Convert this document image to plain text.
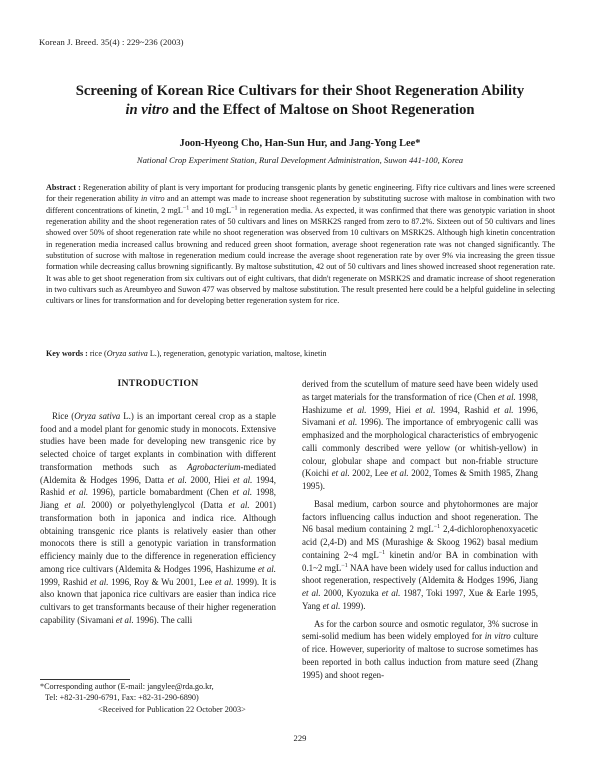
Korean J. Breed. 35(4) : 229~236 (2003)
Screening of Korean Rice Cultivars for their Shoot Regeneration Ability
in vitro and the Effect of Maltose on Shoot Regeneration
Joon-Hyeong Cho, Han-Sun Hur, and Jang-Yong Lee*
National Crop Experiment Station, Rural Development Administration, Suwon 441-100, Korea

Abstract : Regeneration ability of plant is very important for producing transgenic plants by genetic engineering. Fifty rice cultivars and lines were screened for their regeneration ability in vitro and an attempt was made to increase shoot regeneration by substituting sucrose with maltose in combination with two different concentrations of kinetin, 2 mgL$^{-1}$ and 10 mgL$^{-1}$ in regeneration media. As expected, it was confirmed that there was genotypic variation in shoot regeneration ability and the shoot regeneration rates of 50 cultivars and lines on MSRK2S ranged from zero to 87.2%. Sixteen out of 50 cultivars and lines showed over 50% of shoot regeneration rate while no shoot regeneration was observed from 10 cultivars on MSRK2S. Although high kinetin concentration in regeneration media increased callus browning and reduced green shoot formation, average shoot regeneration rate was not changed significantly. The substitution of sucrose with maltose in regeneration medium could increase the average shoot regeneration rate by over 9% via increasing the green tissue formation while decreasing callus browning significantly. By maltose substitution, 42 out of 50 cultivars and lines showed increased shoot regeneration rate. It was able to get shoot regeneration from six cultivars out of eight cultivars, that didn't regenerate on MSRK2S and dramatic increase of shoot regeneration in two cultivars such as Areumbyeo and Suwon 477 was observed by maltose substitution. The result presented here could be a helpful guideline in selecting cultivars or lines for transformation and for developing better regeneration system for rice.

Key words : rice (Oryza sativa L.), regeneration, genotypic variation, maltose, kinetin

INTRODUCTION

Rice (Oryza sativa L.) is an important cereal crop as a staple food and a model plant for genomic study in monocots. Extensive studies have been made for developing new transgenic rice by selected choice of target explants in combination with different transformation methods such as Agrobacterium-mediated (Aldemita & Hodges 1996, Datta et al. 2000, Hiei et al. 1994, Rashid et al. 1996), particle bomabardment (Chen et al. 1998, Jiang et al. 2000) or polyethylenglycol (Datta et al. 2001) transformation both in japonica and indica rice. Although obtaining transgenic rice plants is relatively easier than other monocots there is still a genotypic variation in transformation efficiency mainly due to the difference in regeneration efficiency among rice cultivars (Aldemita & Hodges 1996, Hashizume et al. 1999, Rashid et al. 1996, Roy & Wu 2001, Lee et al. 1999). It is also known that japonica rice cultivars are easier than indica rice cultivars to get transformants because of their higher regeneration capability (Sivamani et al. 1996). The calli

derived from the scutellum of mature seed have been widely used as target materials for the transformation of rice (Chen et al. 1998, Hashizume et al. 1999, Hiei et al. 1994, Rashid et al. 1996, Sivamani et al. 1996). The importance of embryogenic calli was emphasized and the morphological characteristics of embryogenic calli commonly described were yellow (or whitish-yellow) in colour, globular shape and compact but non-friable structure (Koichi et al. 2002, Lee et al. 2002, Tomes & Smith 1985, Zhang 1995).

Basal medium, carbon source and phytohormones are major factors influencing callus induction and shoot regeneration. The N6 basal medium containing 2 mgL$^{-1}$ 2,4-dichlorophenoxyacetic acid (2,4-D) and MS (Murashige & Skoog 1962) basal medium containing 2~4 mgL$^{-1}$ kinetin and/or BA in combination with 0.1~2 mgL$^{-1}$ NAA have been widely used for callus induction and shoot regeneration, respectively (Aldemita & Hodges 1996, Jiang et al. 2000, Kyozuka et al. 1987, Toki 1997, Xue & Earle 1995, Yang et al. 1999).

As for the carbon source and osmotic regulator, 3% sucrose in semi-solid medium has been widely employed for in vitro culture of rice. However, superiority of maltose to sucrose sometimes has been reported in both callus induction from mature seed (Zhang 1995) and shoot regen-

*Corresponding author (E-mail: jangylee@rda.go.kr,
Tel: +82-31-290-6791, Fax: +82-31-290-6890)
<Received for Publication 22 October 2003>
229
